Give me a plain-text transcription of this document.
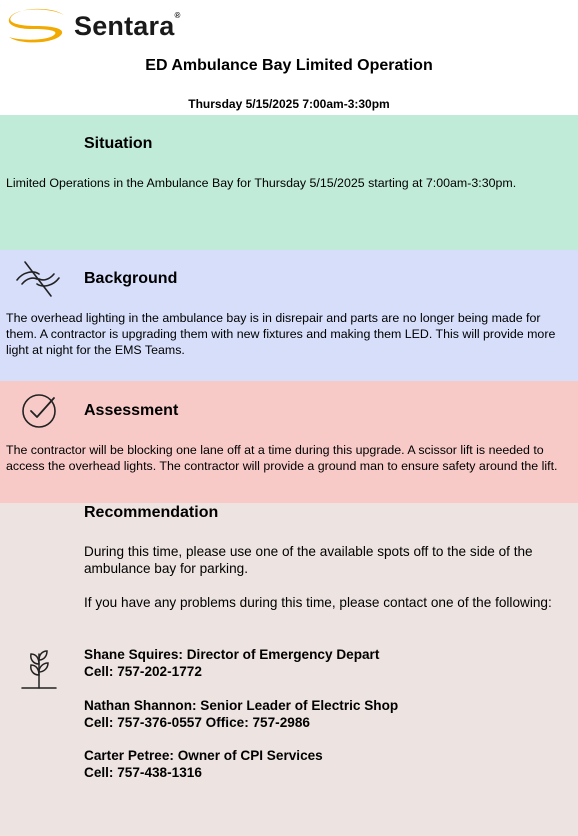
Sentara®
ED Ambulance Bay Limited Operation
Thursday 5/15/2025 7:00am-3:30pm
Situation
Limited Operations in the Ambulance Bay for Thursday 5/15/2025 starting at 7:00am-3:30pm.
Background
The overhead lighting in the ambulance bay is in disrepair and parts are no longer being made for them. A contractor is upgrading them with new fixtures and making them LED. This will provide more light at night for the EMS Teams.
Assessment
The contractor will be blocking one lane off at a time during this upgrade. A scissor lift is needed to access the overhead lights. The contractor will provide a ground man to ensure safety around the lift.
Recommendation
During this time, please use one of the available spots off to the side of the ambulance bay for parking.
If you have any problems during this time, please contact one of the following:
Shane Squires: Director of Emergency Depart
Cell: 757-202-1772
Nathan Shannon: Senior Leader of Electric Shop
Cell: 757-376-0557 Office: 757-2986
Carter Petree: Owner of CPI Services
Cell: 757-438-1316
